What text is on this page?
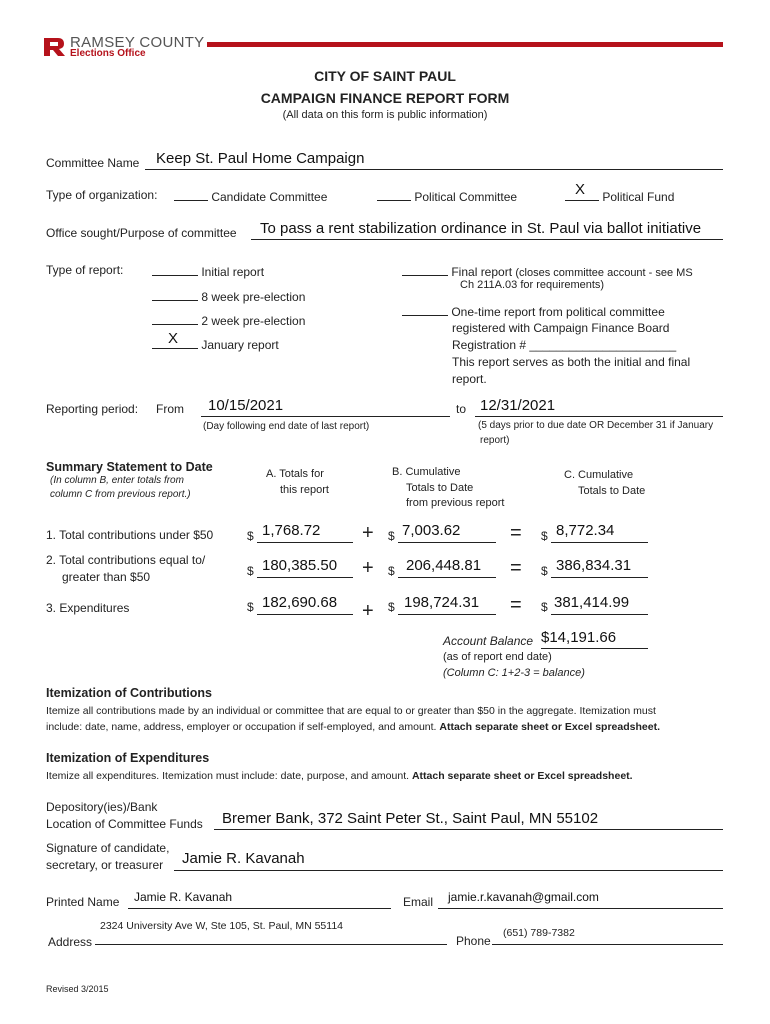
RAMSEY COUNTY
Elections Office
CITY OF SAINT PAUL
CAMPAIGN FINANCE REPORT FORM
(All data on this form is public information)
Committee Name Keep St. Paul Home Campaign
Type of organization:	Candidate Committee	Political Committee	X Political Fund
Office sought/Purpose of committee To pass a rent stabilization ordinance in St. Paul via ballot initiative
Type of report:	Initial report
8 week pre-election
2 week pre-election
X January report
Final report (closes committee account - see MS
Ch 211A.03 for requirements)
One-time report from political committee
registered with Campaign Finance Board
Registration # ______________________
This report serves as both the initial and final
report.
Reporting period: From 10/15/2021
(Day following end date of last report)
to 12/31/2021
(5 days prior to due date OR December 31 if January
report)
Summary Statement to Date
(In column B, enter totals from
column C from previous report.)
A. Totals for
this report
B. Cumulative
Totals to Date
from previous report
C. Cumulative
Totals to Date
1. Total contributions under $50	$ 1,768.72 + $ 7,003.62 = $ 8,772.34
2. Total contributions equal to/
greater than $50	$ 180,385.50 + $ 206,448.81 = $ 386,834.31
3. Expenditures	$ 182,690.68 + $ 198,724.31 = $ 381,414.99
Account Balance $14,191.66
(as of report end date)
(Column C: 1+2-3 = balance)
Itemization of Contributions
Itemize all contributions made by an individual or committee that are equal to or greater than $50 in the aggregate. Itemization must
include: date, name, address, employer or occupation if self-employed, and amount. Attach separate sheet or Excel spreadsheet.
Itemization of Expenditures
Itemize all expenditures. Itemization must include: date, purpose, and amount. Attach separate sheet or Excel spreadsheet.
Depository(ies)/Bank
Location of Committee Funds Bremer Bank, 372 Saint Peter St., Saint Paul, MN 55102
Signature of candidate,
secretary, or treasurer Jamie R. Kavanah
Printed Name Jamie R. Kavanah	Email jamie.r.kavanah@gmail.com
Address
2324 University Ave W, Ste 105, St. Paul, MN 55114
Phone
(651) 789-7382
Revised 3/2015
